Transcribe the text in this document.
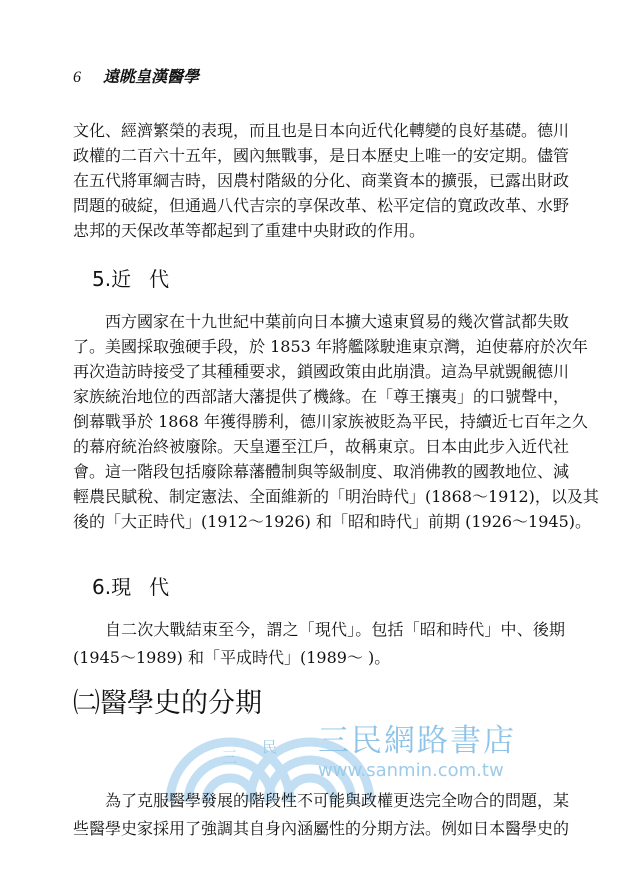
6 遠眺皇漢醫學
文化、經濟繁榮的表現，而且也是日本向近代化轉變的良好基礎。德川
政權的二百六十五年，國內無戰事，是日本歷史上唯一的安定期。儘管
在五代將軍綱吉時，因農村階級的分化、商業資本的擴張，已露出財政
問題的破綻，但通過八代吉宗的享保改革、松平定信的寬政改革、水野
忠邦的天保改革等都起到了重建中央財政的作用。
5.近代
西方國家在十九世紀中葉前向日本擴大遠東貿易的幾次嘗試都失敗
了。美國採取強硬手段，於 1853 年將艦隊駛進東京灣，迫使幕府於次年
再次造訪時接受了其種種要求，鎖國政策由此崩潰。這為早就覬覦德川
家族統治地位的西部諸大藩提供了機緣。在「尊王攘夷」的口號聲中，
倒幕戰爭於 1868 年獲得勝利，德川家族被貶為平民，持續近七百年之久
的幕府統治終被廢除。天皇遷至江戶，故稱東京。日本由此步入近代社
會。這一階段包括廢除幕藩體制與等級制度、取消佛教的國教地位、減
輕農民賦稅、制定憲法、全面維新的「明治時代」(1868～1912)，以及其
後的「大正時代」(1912～1926) 和「昭和時代」前期 (1926～1945)。
6.現代
自二次大戰結束至今，謂之「現代」。包括「昭和時代」中、後期
(1945～1989) 和「平成時代」(1989～ )。
三民網路書店
www.sanmin.com.tw
三
民
㈡醫學史的分期
為了克服醫學發展的階段性不可能與政權更迭完全吻合的問題，某
些醫學史家採用了強調其自身內涵屬性的分期方法。例如日本醫學史的
